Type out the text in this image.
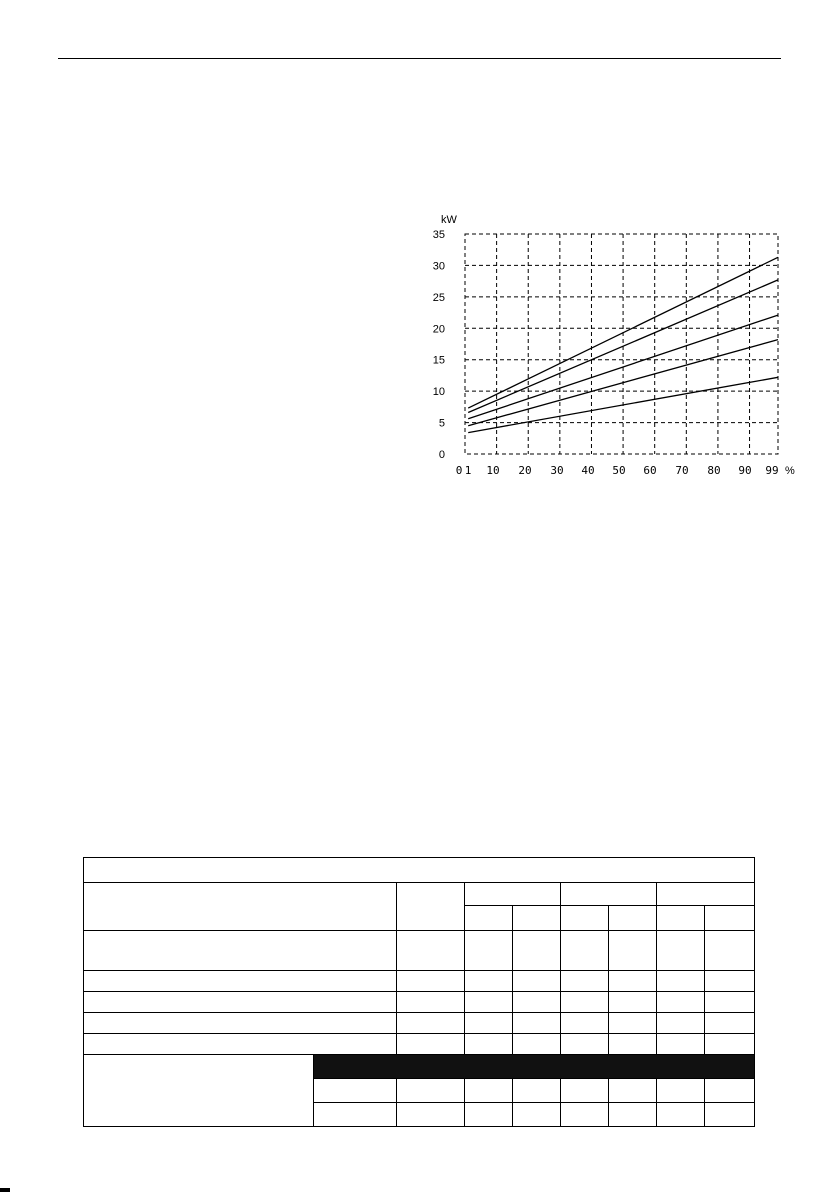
0
5
10
15
20
25
30
35
0 1 10 20 30 40 50 60 70 80 90 99
kW
%
